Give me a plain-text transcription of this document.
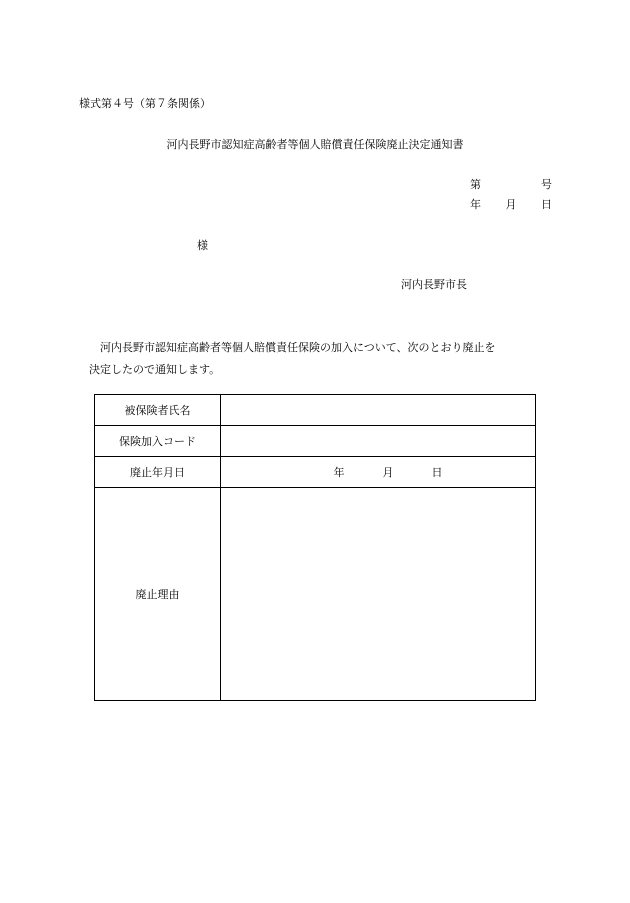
様式第４号（第７条関係）
河内長野市認知症高齢者等個人賠償責任保険廃止決定通知書
第	号
年 月 日
様
河内長野市長
河内長野市認知症高齢者等個人賠償責任保険の加入について、次のとおり廃止を
決定したので通知します。
被保険者氏名	
保険加入コード	
廃止年月日	年 月 日

廃止理由	
